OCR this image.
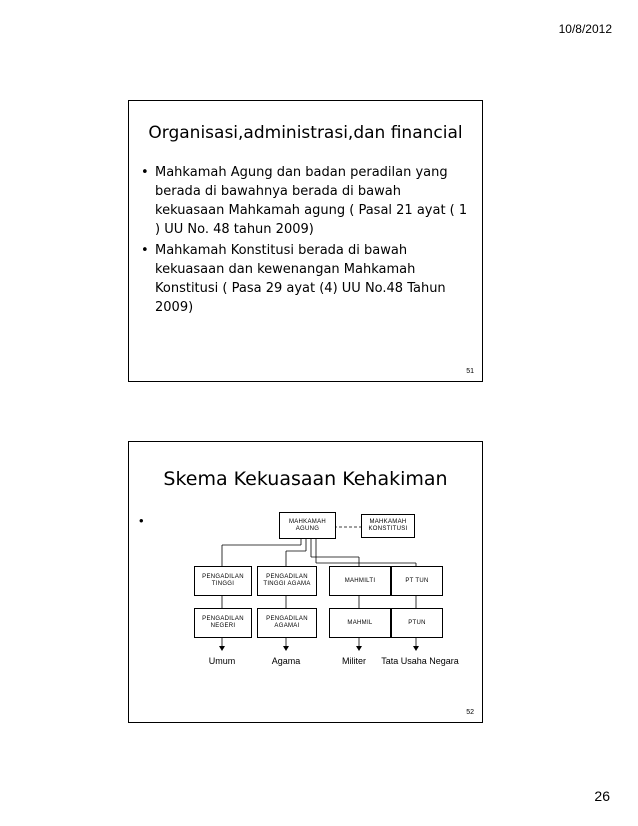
10/8/2012
Organisasi,administrasi,dan financial
• Mahkamah Agung dan badan peradilan yang berada di bawahnya berada di bawah kekuasaan Mahkamah agung ( Pasal 21 ayat ( 1 ) UU No. 48 tahun 2009)
• Mahkamah Konstitusi berada di bawah kekuasaan dan kewenangan Mahkamah Konstitusi ( Pasa 29 ayat (4) UU No.48 Tahun 2009)
51
Skema Kekuasaan Kehakiman
•	MAHKAMAH AGUNG
MAHKAMAH KONSTITUSI
PENGADILAN TINGGI
PENGADILAN TINGGI AGAMA
MAHMILTI	PT TUN
PENGADILAN NEGERI
PENGADILAN AGAMAI
MAHMIL	PTUN
Umum	Agama	Militer	Tata Usaha Negara
52
26
